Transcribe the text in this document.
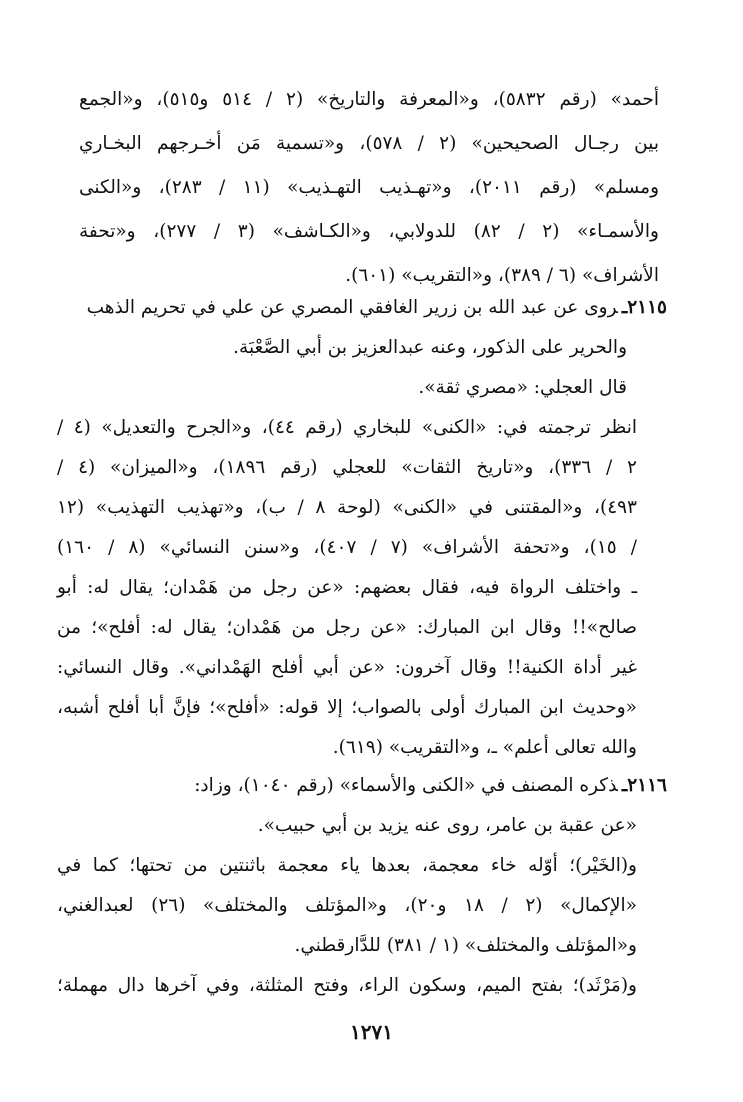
أحمد» (رقم ٥٨٣٢)، و«المعرفة والتاريخ» (٢ / ٥١٤ و٥١٥)، و«الجمع
بين رجـال الصحيحين» (٢ / ٥٧٨)، و«تسمية مَن أخـرجهم البخـاري
ومسلم» (رقم ٢٠١١)، و«تهـذيب التهـذيب» (١١ / ٢٨٣)، و«الكنى
والأسمـاء» (٢ / ٨٢) للدولابي، و«الكـاشف» (٣ / ٢٧٧)، و«تحفة
الأشراف» (٦ / ٣٨٩)، و«التقريب» (٦٠١).
٢١١٥ـروى عن عبد الله بن زرير الغافقي المصري عن علي في تحريم الذهب
والحرير على الذكور، وعنه عبدالعزيز بن أبي الصَّعْبَة.
قال العجلي: «مصري ثقة».
انظر ترجمته في: «الكنى» للبخاري (رقم ٤٤)، و«الجرح والتعديل» (٤ /
٢ / ٣٣٦)، و«تاريخ الثقات» للعجلي (رقم ١٨٩٦)، و«الميزان» (٤ /
٤٩٣)، و«المقتنى في «الكنى» (لوحة ٨ / ب)، و«تهذيب التهذيب» (١٢
/ ١٥)، و«تحفة الأشراف» (٧ / ٤٠٧)، و«سنن النسائي» (٨ / ١٦٠)
ـ واختلف الرواة فيه، فقال بعضهم: «عن رجل من هَمْدان؛ يقال له: أبو
صالح»!! وقال ابن المبارك: «عن رجل من هَمْدان؛ يقال له: أفلح»؛ من
غير أداة الكنية!! وقال آخرون: «عن أبي أفلح الهَمْداني». وقال النسائي:
«وحديث ابن المبارك أولى بالصواب؛ إلا قوله: «أفلح»؛ فإنَّ أبا أفلح أشبه،
والله تعالى أعلم» ـ، و«التقريب» (٦١٩).
٢١١٦ـذكره المصنف في «الكنى والأسماء» (رقم ١٠٤٠)، وزاد:
«عن عقبة بن عامر، روى عنه يزيد بن أبي حبيب».
و(الخَيْر)؛ أوّله خاء معجمة، بعدها ياء معجمة باثنتين من تحتها؛ كما في
«الإكمال» (٢ / ١٨ و٢٠)، و«المؤتلف والمختلف» (٢٦) لعبدالغني،
و«المؤتلف والمختلف» (١ / ٣٨١) للدَّارقطني.
و(مَرْثَد)؛ بفتح الميم، وسكون الراء، وفتح المثلثة، وفي آخرها دال مهملة؛
١٢٧١
